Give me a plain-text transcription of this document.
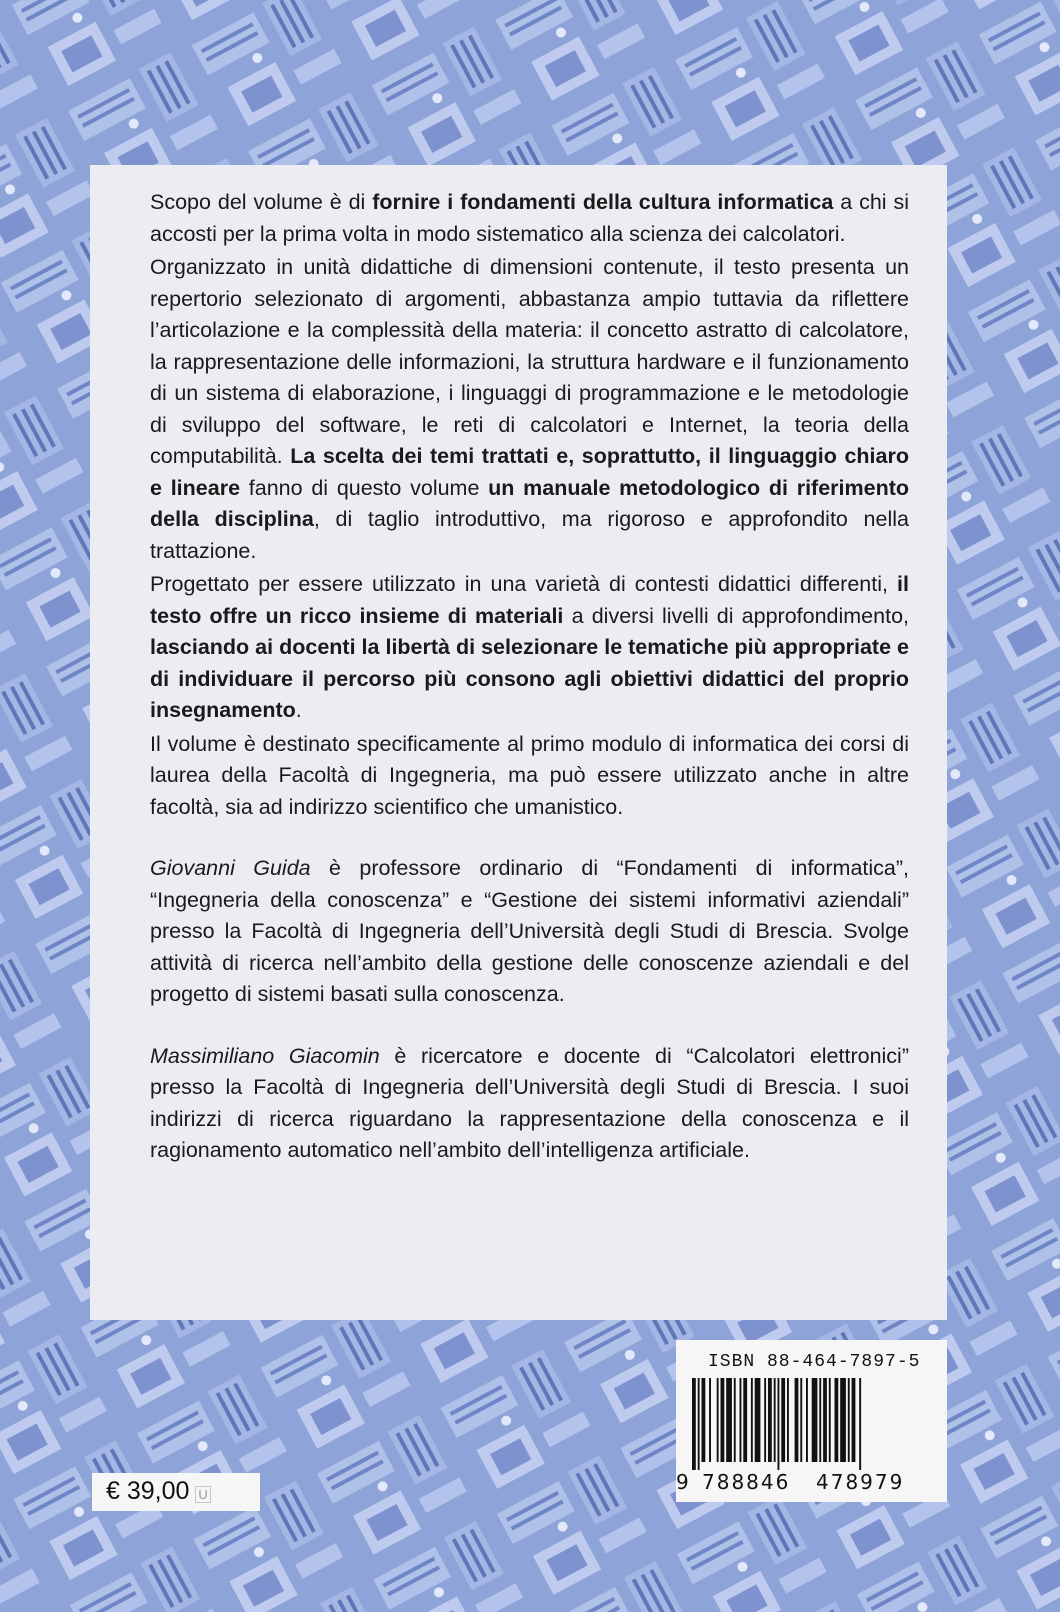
Scopo del volume è di fornire i fondamenti della cultura informatica a chi si accosti per la prima volta in modo sistematico alla scienza dei calcolatori.

Organizzato in unità didattiche di dimensioni contenute, il testo presenta un repertorio selezionato di argomenti, abbastanza ampio tuttavia da riflettere l’articolazione e la complessità della materia: il concetto astratto di calcolatore, la rappresentazione delle informazioni, la struttura hardware e il funzionamento di un sistema di elaborazione, i linguaggi di programmazione e le metodologie di sviluppo del software, le reti di calcolatori e Internet, la teoria della computabilità. La scelta dei temi trattati e, soprattutto, il linguaggio chiaro e lineare fanno di questo volume un manuale metodologico di riferimento della disciplina, di taglio introduttivo, ma rigoroso e approfondito nella trattazione.

Progettato per essere utilizzato in una varietà di contesti didattici differenti, il testo offre un ricco insieme di materiali a diversi livelli di approfondimento, lasciando ai docenti la libertà di selezionare le tematiche più appropriate e di individuare il percorso più consono agli obiettivi didattici del proprio insegnamento.

Il volume è destinato specificamente al primo modulo di informatica dei corsi di laurea della Facoltà di Ingegneria, ma può essere utilizzato anche in altre facoltà, sia ad indirizzo scientifico che umanistico.

Giovanni Guida è professore ordinario di “Fondamenti di informatica”, “Ingegneria della conoscenza” e “Gestione dei sistemi informativi aziendali” presso la Facoltà di Ingegneria dell’Università degli Studi di Brescia. Svolge attività di ricerca nell’ambito della gestione delle conoscenze aziendali e del progetto di sistemi basati sulla conoscenza.

Massimiliano Giacomin è ricercatore e docente di “Calcolatori elettronici” presso la Facoltà di Ingegneria dell’Università degli Studi di Brescia. I suoi indirizzi di ricerca riguardano la rappresentazione della conoscenza e il ragionamento automatico nell’ambito dell’intelligenza artificiale.

ISBN 88-464-7897-5
9 788846 478979
€ 39,00 U
